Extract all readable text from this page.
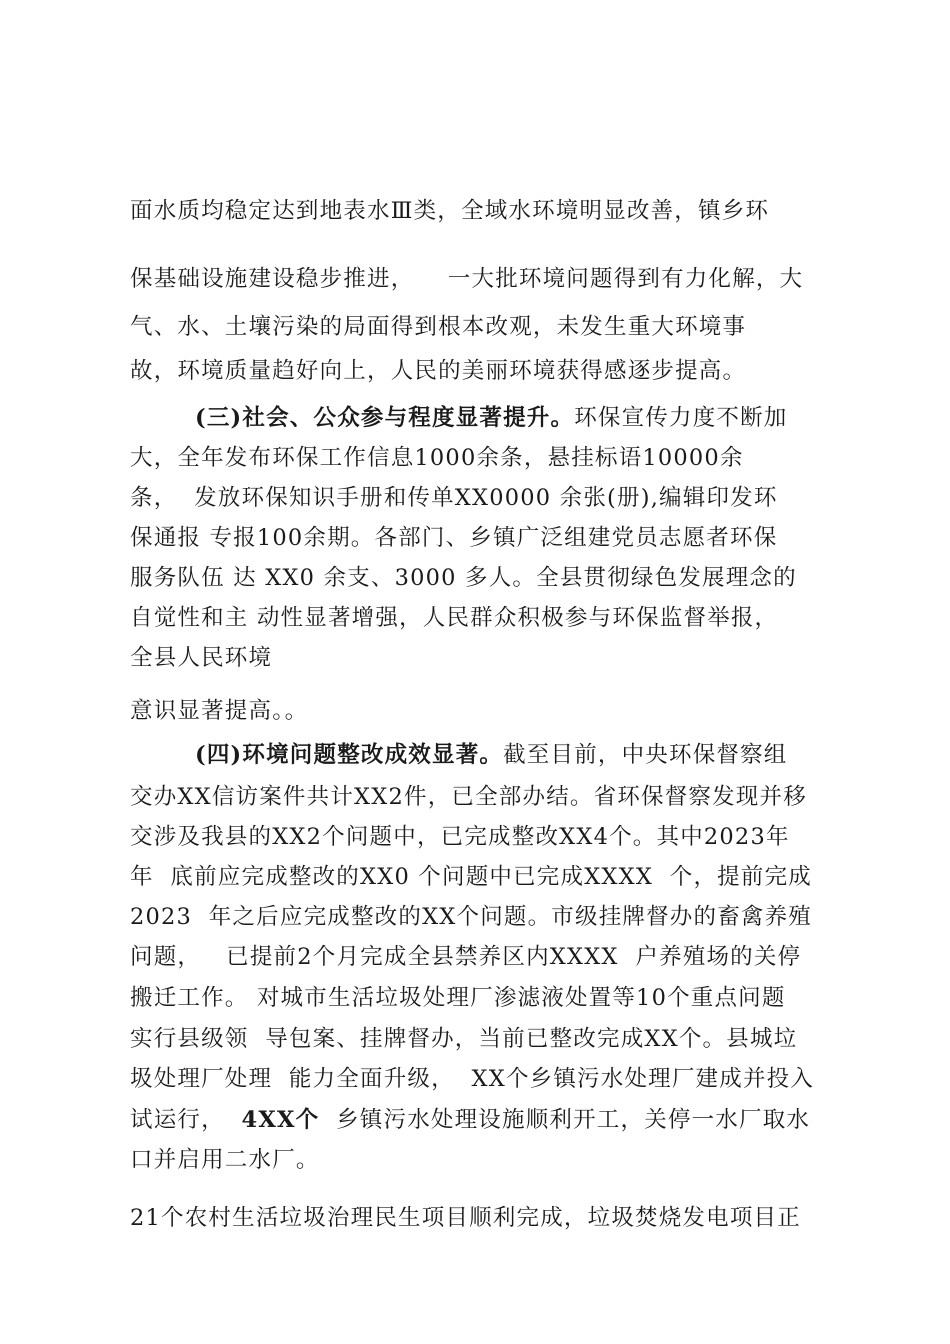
面水质均稳定达到地表水Ⅲ类，全域水环境明显改善，镇乡环
保基础设施建设稳步推进，    一大批环境问题得到有力化解，大
气、水、土壤污染的局面得到根本改观，未发生重大环境事
故，环境质量趋好向上，人民的美丽环境获得感逐步提高。
(三)社会、公众参与程度显著提升。环保宣传力度不断加
大，全年发布环保工作信息1000余条，悬挂标语10000余
条，  发放环保知识手册和传单XX0000 余张(册),编辑印发环
保通报 专报100余期。各部门、乡镇广泛组建党员志愿者环保
服务队伍 达 XX0 余支、3000 多人。全县贯彻绿色发展理念的
自觉性和主 动性显著增强，人民群众积极参与环保监督举报，
全县人民环境
意识显著提高。。
(四)环境问题整改成效显著。截至目前，中央环保督察组
交办XX信访案件共计XX2件，已全部办结。省环保督察发现并移
交涉及我县的XX2个问题中，已完成整改XX4个。其中2023年
年  底前应完成整改的XX0 个问题中已完成XXXX  个，提前完成
2023  年之后应完成整改的XX个问题。市级挂牌督办的畜禽养殖
问题，   已提前2个月完成全县禁养区内XXXX  户养殖场的关停
搬迁工作。 对城市生活垃圾处理厂渗滤液处置等10个重点问题
实行县级领  导包案、挂牌督办，当前已整改完成XX个。县城垃
圾处理厂处理  能力全面升级，  XX个乡镇污水处理厂建成并投入
试运行，  4XX个  乡镇污水处理设施顺利开工，关停一水厂取水
口并启用二水厂。
21个农村生活垃圾治理民生项目顺利完成，垃圾焚烧发电项目正
